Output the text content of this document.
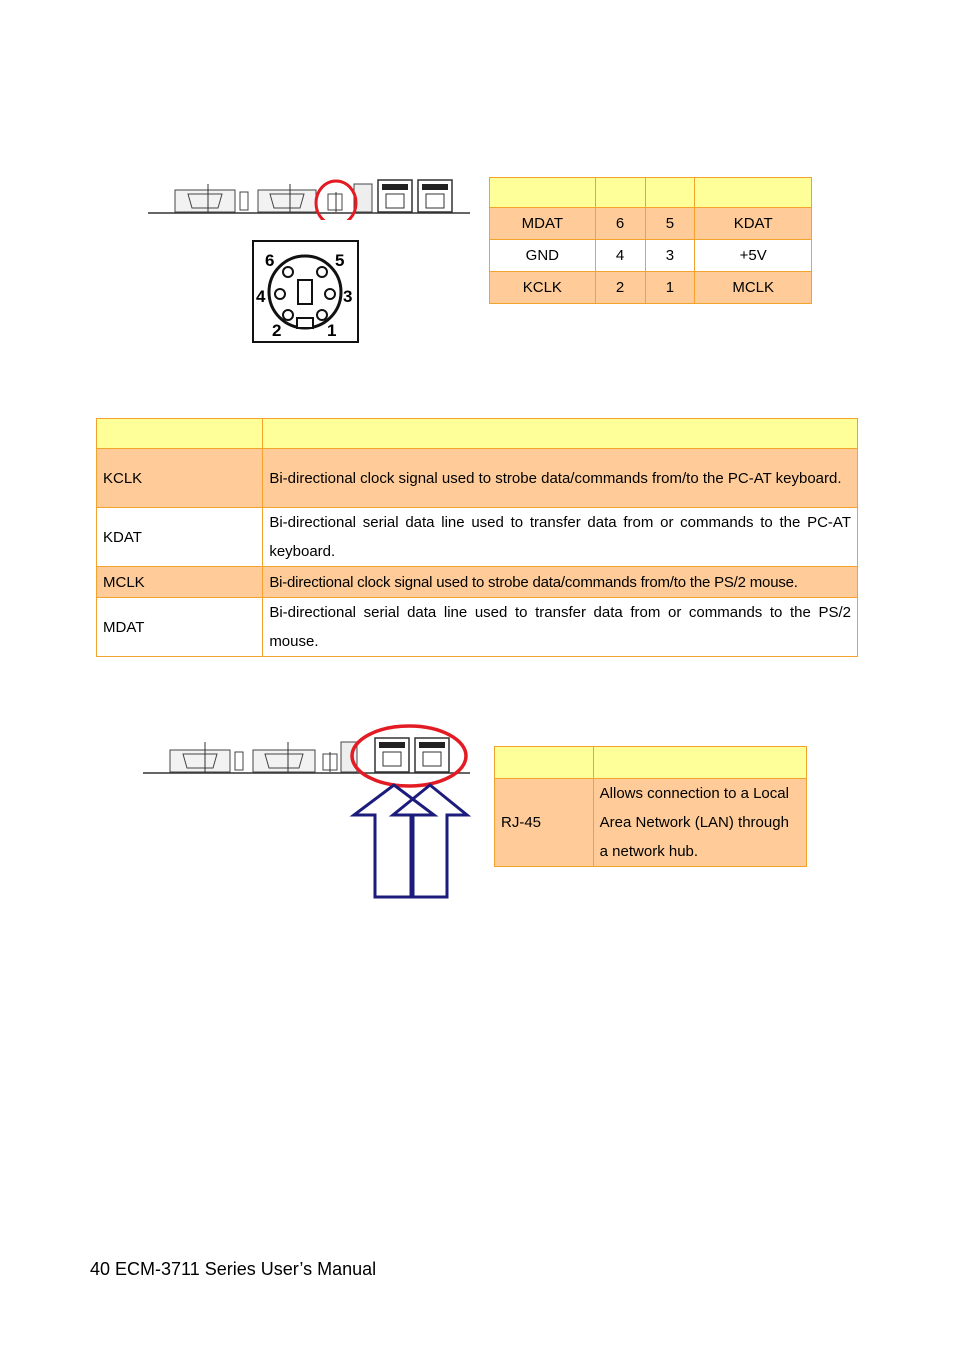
6	5
4	3
2	1

MDAT	6	5	KDAT
GND	4	3	+5V
KCLK	2	1	MCLK

KCLK	Bi-directional clock signal used to strobe data/commands from/to the PC-AT keyboard.
KDAT	Bi-directional serial data line used to transfer data from or commands to the PC-AT keyboard.
MCLK	Bi-directional clock signal used to strobe data/commands from/to the PS/2 mouse.
MDAT	Bi-directional serial data line used to transfer data from or commands to the PS/2 mouse.

RJ-45	Allows connection to a Local Area Network (LAN) through a network hub.
40 ECM-3711 Series User’s Manual
